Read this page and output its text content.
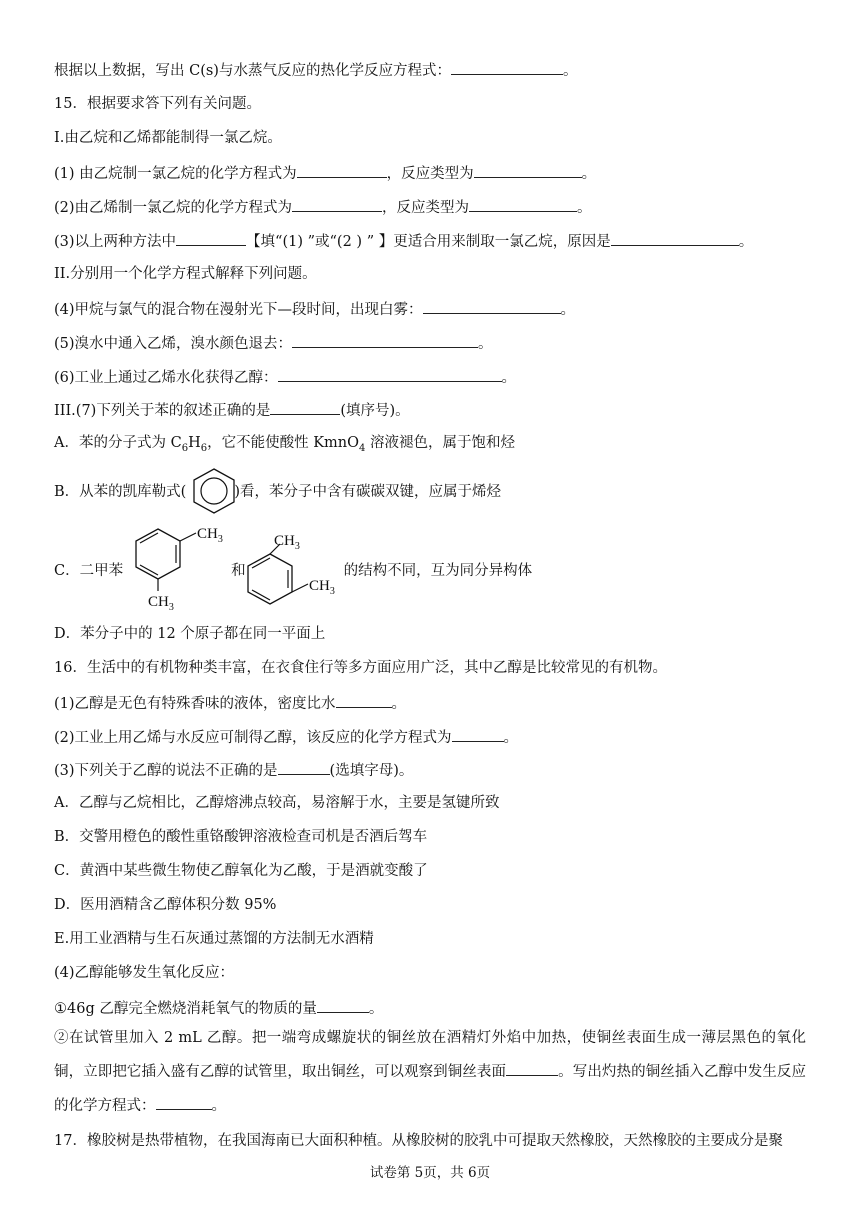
根据以上数据，写出 C(s)与水蒸气反应的热化学反应方程式：	。
15．根据要求答下列有关问题。
I.由乙烷和乙烯都能制得一氯乙烷。
(1) 由乙烷制一氯乙烷的化学方程式为	，反应类型为	。
(2)由乙烯制一氯乙烷的化学方程式为	，反应类型为	。
(3)以上两种方法中	【填“(1) ”或“(2 ) ” 】更适合用来制取一氯乙烷，原因是	。
II.分别用一个化学方程式解释下列问题。
(4)甲烷与氯气的混合物在漫射光下—段时间，出现白雾：	。
(5)溴水中通入乙烯，溴水颜色退去：	。
(6)工业上通过乙烯水化获得乙醇：	。
III.(7)下列关于苯的叙述正确的是	(填序号)。
A．苯的分子式为 $C_6H_6$，它不能使酸性 KmnO$_4$ 溶液褪色，属于饱和烃
B．从苯的凯库勒式(	)看，苯分子中含有碳碳双键，应属于烯烃
C．二甲苯	和	的结构不同，互为同分异构体
$CH_3$
$CH_3$
$CH_3$
$CH_3$
D．苯分子中的 12 个原子都在同一平面上
16．生活中的有机物种类丰富，在衣食住行等多方面应用广泛，其中乙醇是比较常见的有机物。
(1)乙醇是无色有特殊香味的液体，密度比水	。
(2)工业上用乙烯与水反应可制得乙醇，该反应的化学方程式为	。
(3)下列关于乙醇的说法不正确的是	(选填字母)。
A．乙醇与乙烷相比，乙醇熔沸点较高，易溶解于水，主要是氢键所致
B．交警用橙色的酸性重铬酸钾溶液检查司机是否酒后驾车
C．黄酒中某些微生物使乙醇氧化为乙酸，于是酒就变酸了
D．医用酒精含乙醇体积分数 95%
E.用工业酒精与生石灰通过蒸馏的方法制无水酒精
(4)乙醇能够发生氧化反应：
①46g 乙醇完全燃烧消耗氧气的物质的量	。
②在试管里加入 2 mL 乙醇。把一端弯成螺旋状的铜丝放在酒精灯外焰中加热，使铜丝表面生成一薄层黑色的氧化铜，立即把它插入盛有乙醇的试管里，取出铜丝，可以观察到铜丝表面	。写出灼热的铜丝插入乙醇中发生反应的化学方程式：	。
17．橡胶树是热带植物，在我国海南已大面积种植。从橡胶树的胶乳中可提取天然橡胶，天然橡胶的主要成分是聚
试卷第 5页，共 6页
